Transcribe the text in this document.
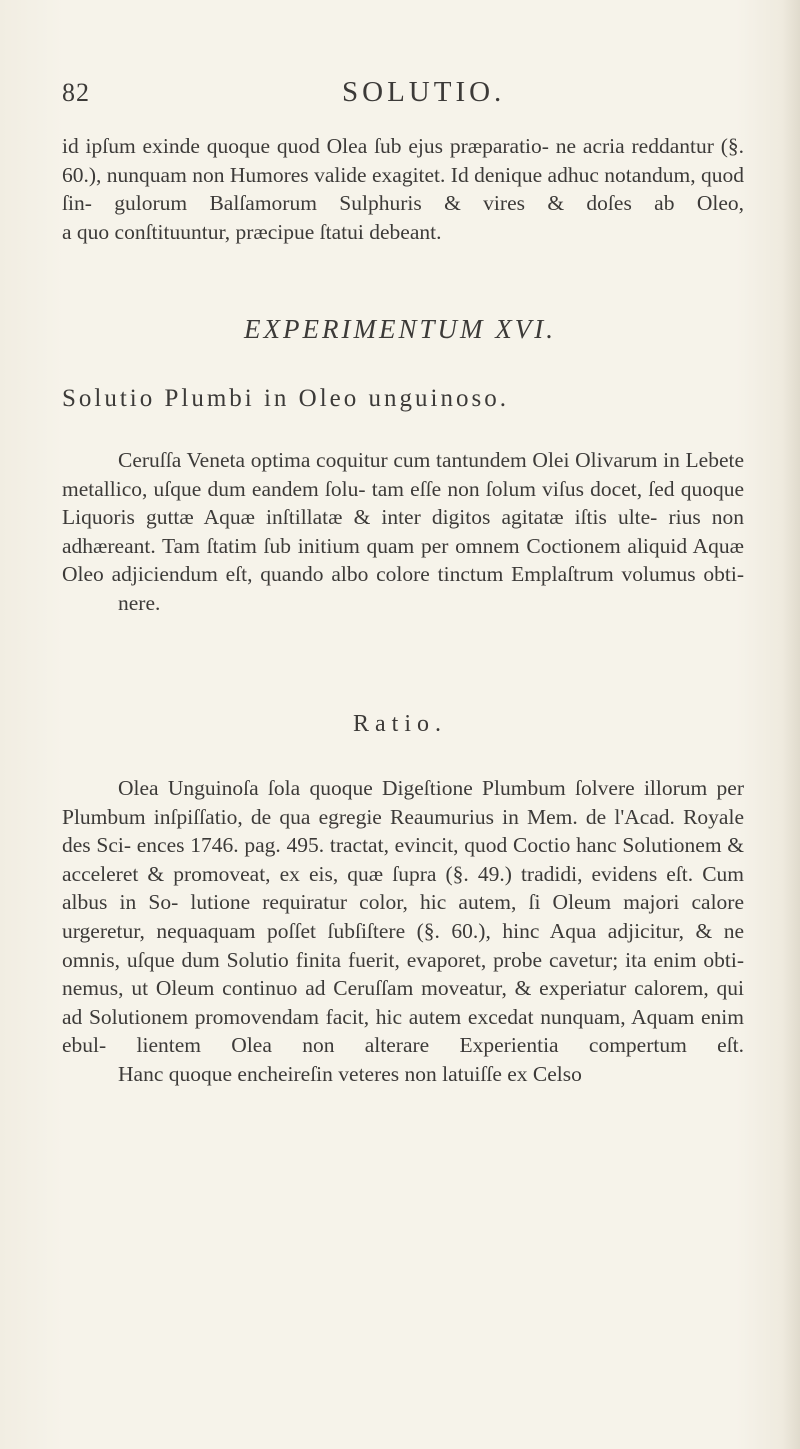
82	SOLUTIO.

id ipſum exinde quoque quod Olea ſub ejus præparatio- ne acria reddantur (§. 60.), nunquam non Humores valide exagitet. Id denique adhuc notandum, quod ſin- gulorum Balſamorum Sulphuris & vires & doſes ab Oleo,
a quo conſtituuntur, præcipue ſtatui debeant.

EXPERIMENTUM XVI.
Solutio Plumbi in Oleo unguinoso.

Ceruſſa Veneta optima coquitur cum tantundem Olei Olivarum in Lebete metallico, uſque dum eandem ſolu- tam eſſe non ſolum viſus docet, ſed quoque Liquoris guttæ Aquæ inſtillatæ & inter digitos agitatæ iſtis ulte- rius non adhæreant. Tam ſtatim ſub initium quam per omnem Coctionem aliquid Aquæ Oleo adjiciendum eſt, quando albo colore tinctum Emplaſtrum volumus obti-
nere.

Ratio.

Olea Unguinoſa ſola quoque Digeſtione Plumbum ſolvere illorum per Plumbum inſpiſſatio, de qua egregie Reaumurius in Mem. de l'Acad. Royale des Sci- ences 1746. pag. 495. tractat, evincit, quod Coctio hanc Solutionem & acceleret & promoveat, ex eis, quæ ſupra (§. 49.) tradidi, evidens eſt. Cum albus in So- lutione requiratur color, hic autem, ſi Oleum majori calore urgeretur, nequaquam poſſet ſubſiſtere (§. 60.), hinc Aqua adjicitur, & ne omnis, uſque dum Solutio finita fuerit, evaporet, probe cavetur; ita enim obti- nemus, ut Oleum continuo ad Ceruſſam moveatur, & experiatur calorem, qui ad Solutionem promovendam facit, hic autem excedat nunquam, Aquam enim ebul- lientem Olea non alterare Experientia compertum eſt.
Hanc quoque encheireſin veteres non latuiſſe ex Celso
